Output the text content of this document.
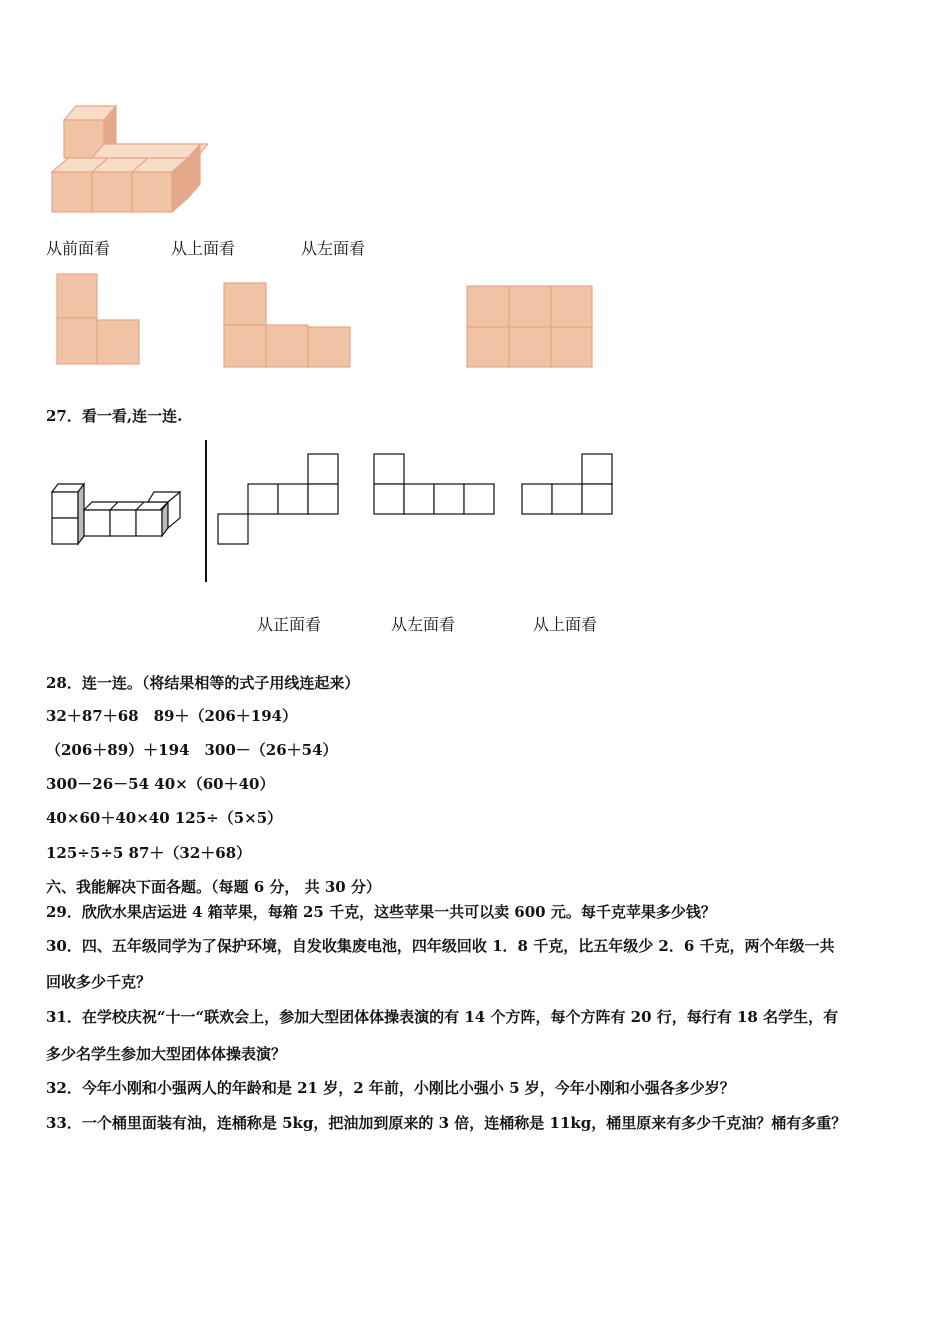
从前面看	从上面看	从左面看
27．看一看,连一连.
从正面看	从左面看	从上面看
28．连一连。（将结果相等的式子用线连起来）
32＋87＋68　89＋（206＋194）
（206＋89）＋194　300－（26＋54）
300－26－54 40×（60＋40）
40×60＋40×40 125÷（5×5）
125÷5÷5 87＋（32＋68）
六、我能解决下面各题。（每题 6 分， 共 30 分）
29．欣欣水果店运进 4 箱苹果，每箱 25 千克，这些苹果一共可以卖 600 元。每千克苹果多少钱？
30．四、五年级同学为了保护环境，自发收集废电池，四年级回收 1．8 千克，比五年级少 2．6 千克，两个年级一共
回收多少千克？
31．在学校庆祝“十一“联欢会上，参加大型团体体操表演的有 14 个方阵，每个方阵有 20 行，每行有 18 名学生，有
多少名学生参加大型团体体操表演？
32．今年小刚和小强两人的年龄和是 21 岁，2 年前，小刚比小强小 5 岁，今年小刚和小强各多少岁？
33．一个桶里面装有油，连桶称是 5kg，把油加到原来的 3 倍，连桶称是 11kg，桶里原来有多少千克油？桶有多重？
